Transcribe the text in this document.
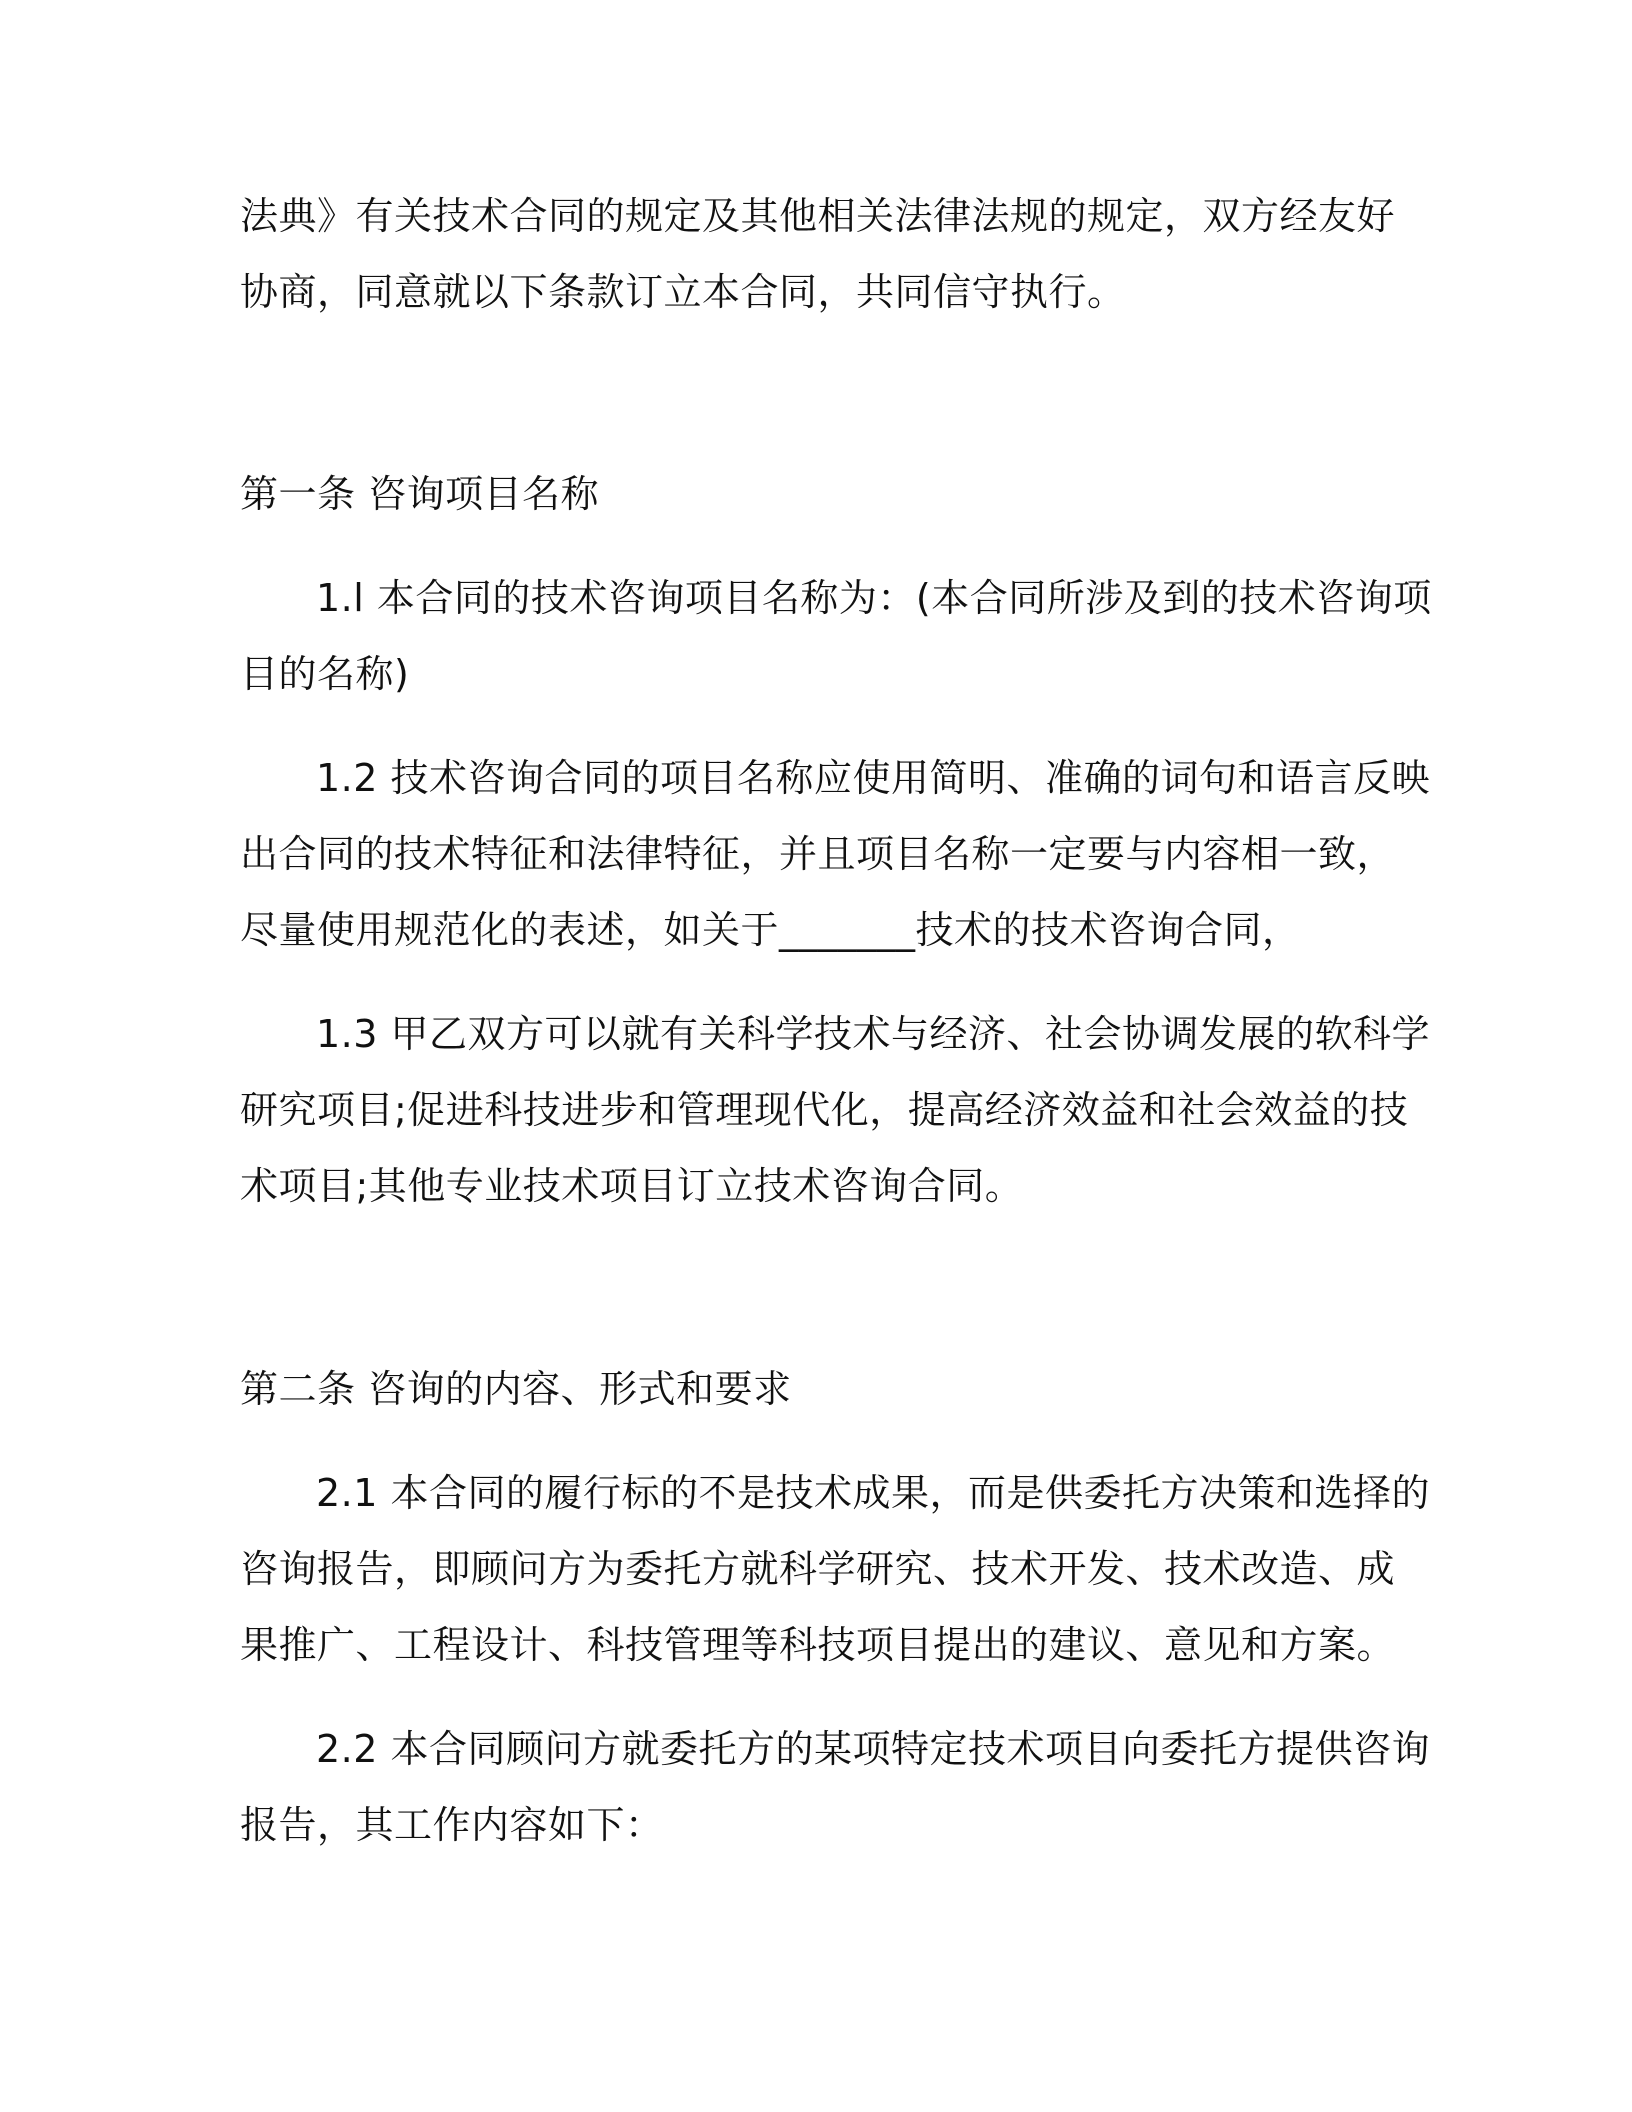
法典》有关技术合同的规定及其他相关法律法规的规定，双方经友好
协商，同意就以下条款订立本合同，共同信守执行。
第一条 咨询项目名称
1.l 本合同的技术咨询项目名称为：(本合同所涉及到的技术咨询项
目的名称)
1.2 技术咨询合同的项目名称应使用简明、准确的词句和语言反映
出合同的技术特征和法律特征，并且项目名称一定要与内容相一致，
尽量使用规范化的表述，如关于_______技术的技术咨询合同，
1.3 甲乙双方可以就有关科学技术与经济、社会协调发展的软科学
研究项目;促进科技进步和管理现代化，提高经济效益和社会效益的技
术项目;其他专业技术项目订立技术咨询合同。
第二条 咨询的内容、形式和要求
2.1 本合同的履行标的不是技术成果，而是供委托方决策和选择的
咨询报告，即顾问方为委托方就科学研究、技术开发、技术改造、成
果推广、工程设计、科技管理等科技项目提出的建议、意见和方案。
2.2 本合同顾问方就委托方的某项特定技术项目向委托方提供咨询
报告，其工作内容如下：
